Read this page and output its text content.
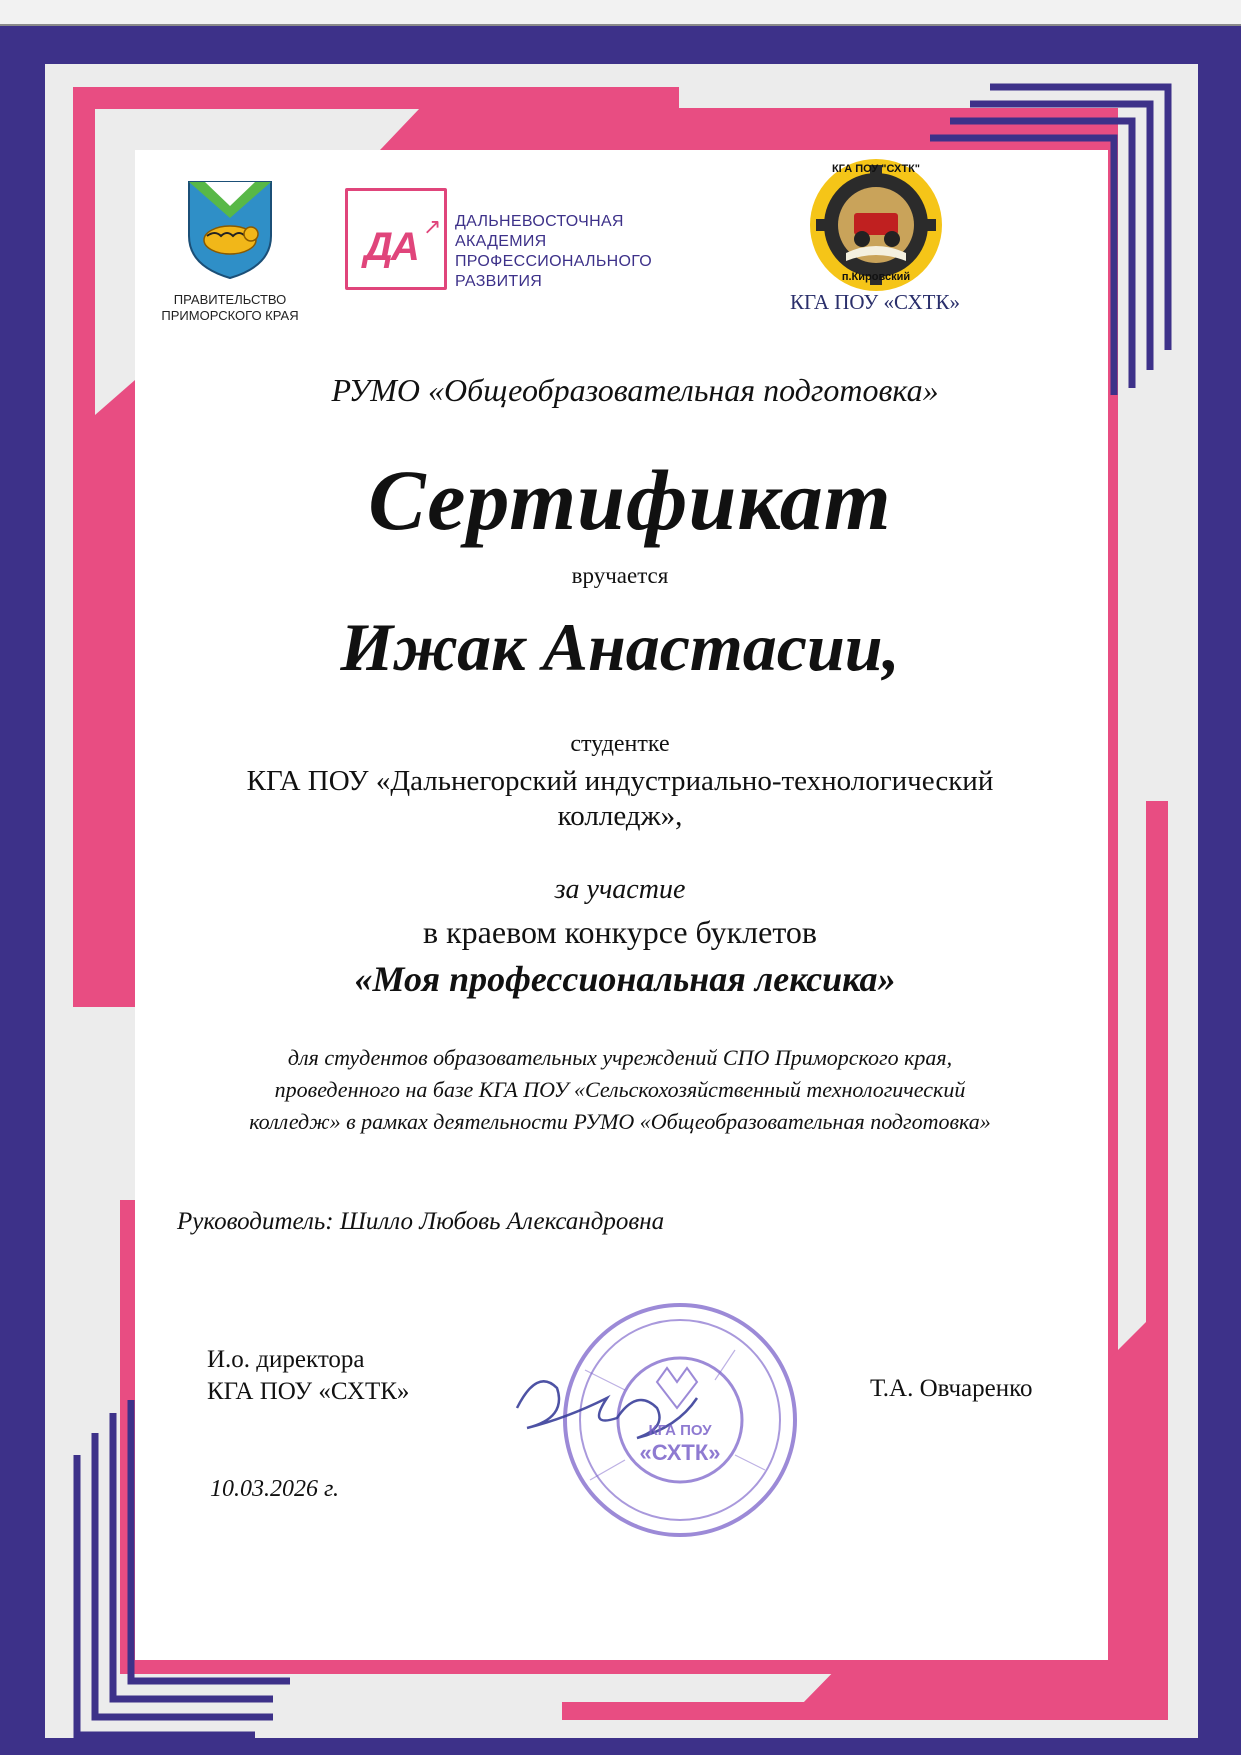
ПРАВИТЕЛЬСТВО
ПРИМОРСКОГО КРАЯ
ДА ↗ ДАЛЬНЕВОСТОЧНАЯ
АКАДЕМИЯ
ПРОФЕССИОНАЛЬНОГО
РАЗВИТИЯ
КГА ПОУ "СХТК"
п.Кировский
КГА ПОУ «СХТК»
РУМО «Общеобразовательная подготовка»
Сертификат
вручается
Ижак Анастасии,
студентке
КГА ПОУ «Дальнегорский индустриально-технологический
колледж»,
за участие
в краевом конкурсе буклетов
«Моя профессиональная лексика»
для студентов образовательных учреждений СПО Приморского края,
проведенного на базе КГА ПОУ «Сельскохозяйственный технологический
колледж» в рамках деятельности РУМО «Общеобразовательная подготовка»
Руководитель: Шилло Любовь Александровна
И.о. директора
КГА ПОУ «СХТК»
КГА ПОУ
«СХТК»
Т.А. Овчаренко
10.03.2026 г.
